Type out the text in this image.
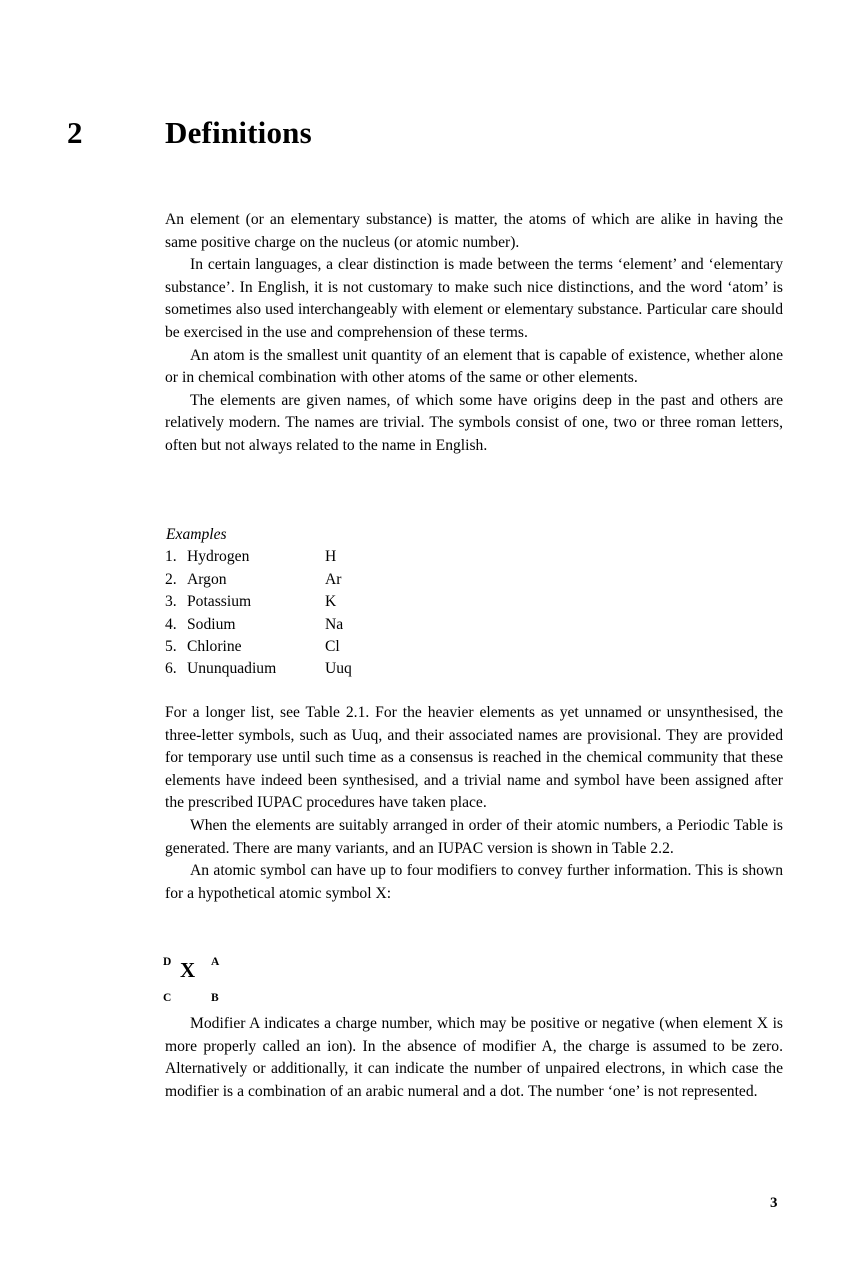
2	Definitions

An element (or an elementary substance) is matter, the atoms of which are alike in having the same positive charge on the nucleus (or atomic number).

In certain languages, a clear distinction is made between the terms ‘element’ and ‘elementary substance’. In English, it is not customary to make such nice distinctions, and the word ‘atom’ is sometimes also used interchangeably with element or elementary substance. Particular care should be exercised in the use and comprehension of these terms.

An atom is the smallest unit quantity of an element that is capable of existence, whether alone or in chemical combination with other atoms of the same or other elements.

The elements are given names, of which some have origins deep in the past and others are relatively modern. The names are trivial. The symbols consist of one, two or three roman letters, often but not always related to the name in English.

Examples
1. Hydrogen	H
2. Argon	Ar
3. Potassium	K
4. Sodium	Na
5. Chlorine	Cl
6. Ununquadium	Uuq

For a longer list, see Table 2.1. For the heavier elements as yet unnamed or unsynthesised, the three-letter symbols, such as Uuq, and their associated names are provisional. They are provided for temporary use until such time as a consensus is reached in the chemical community that these elements have indeed been synthesised, and a trivial name and symbol have been assigned after the prescribed IUPAC procedures have taken place.

When the elements are suitably arranged in order of their atomic numbers, a Periodic Table is generated. There are many variants, and an IUPAC version is shown in Table 2.2.

An atomic symbol can have up to four modifiers to convey further information. This is shown for a hypothetical atomic symbol X:

D	A
X
C	B

Modifier A indicates a charge number, which may be positive or negative (when element X is more properly called an ion). In the absence of modifier A, the charge is assumed to be zero. Alternatively or additionally, it can indicate the number of unpaired electrons, in which case the modifier is a combination of an arabic numeral and a dot. The number ‘one’ is not represented.

3
